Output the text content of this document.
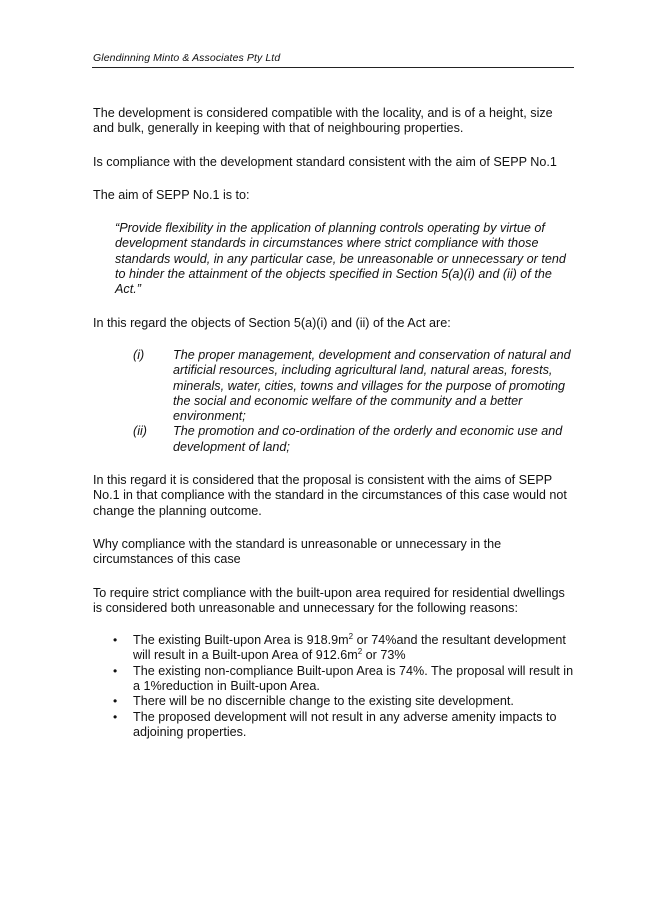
Glendinning Minto & Associates Pty Ltd

The development is considered compatible with the locality, and is of a height, size and bulk, generally in keeping with that of neighbouring properties.

Is compliance with the development standard consistent with the aim of SEPP No.1

The aim of SEPP No.1 is to:

“Provide flexibility in the application of planning controls operating by virtue of development standards in circumstances where strict compliance with those standards would, in any particular case, be unreasonable or unnecessary or tend to hinder the attainment of the objects specified in Section 5(a)(i) and (ii) of the Act.”

In this regard the objects of Section 5(a)(i) and (ii) of the Act are:

(i)	The proper management, development and conservation of natural and artificial resources, including agricultural land, natural areas, forests, minerals, water, cities, towns and villages for the purpose of promoting the social and economic welfare of the community and a better environment;
(ii)	The promotion and co-ordination of the orderly and economic use and development of land;

In this regard it is considered that the proposal is consistent with the aims of SEPP No.1 in that compliance with the standard in the circumstances of this case would not change the planning outcome.

Why compliance with the standard is unreasonable or unnecessary in the circumstances of this case

To require strict compliance with the built-upon area required for residential dwellings is considered both unreasonable and unnecessary for the following reasons:

•	The existing Built-upon Area is $918.9m^2$ or 74%and the resultant development will result in a Built-upon Area of $912.6m^2$ or 73%
•	The existing non-compliance Built-upon Area is 74%. The proposal will result in a 1%reduction in Built-upon Area.
•	There will be no discernible change to the existing site development.
•	The proposed development will not result in any adverse amenity impacts to adjoining properties.
